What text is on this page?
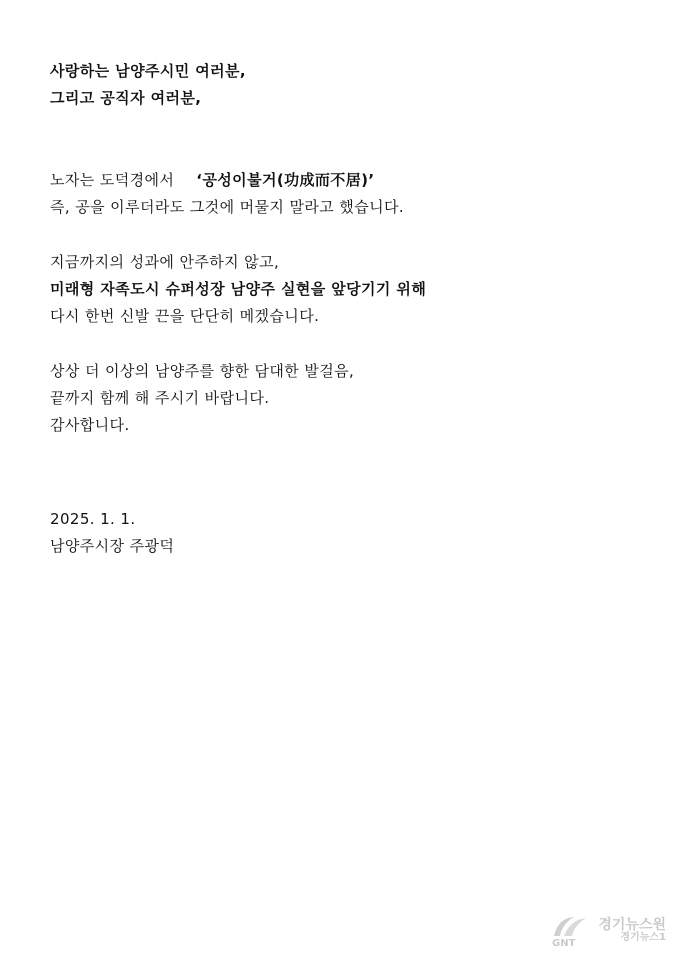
사랑하는 남양주시민 여러분,
그리고 공직자 여러분,
노자는 도덕경에서 ‘공성이불거(功成而不居)’
즉, 공을 이루더라도 그것에 머물지 말라고 했습니다.
지금까지의 성과에 안주하지 않고,
미래형 자족도시 슈퍼성장 남양주 실현을 앞당기기 위해
다시 한번 신발 끈을 단단히 메겠습니다.
상상 더 이상의 남양주를 향한 담대한 발걸음,
끝까지 함께 해 주시기 바랍니다.
감사합니다.
2025. 1. 1.
남양주시장 주광덕
GNT
경기뉴스원
경기뉴스1
